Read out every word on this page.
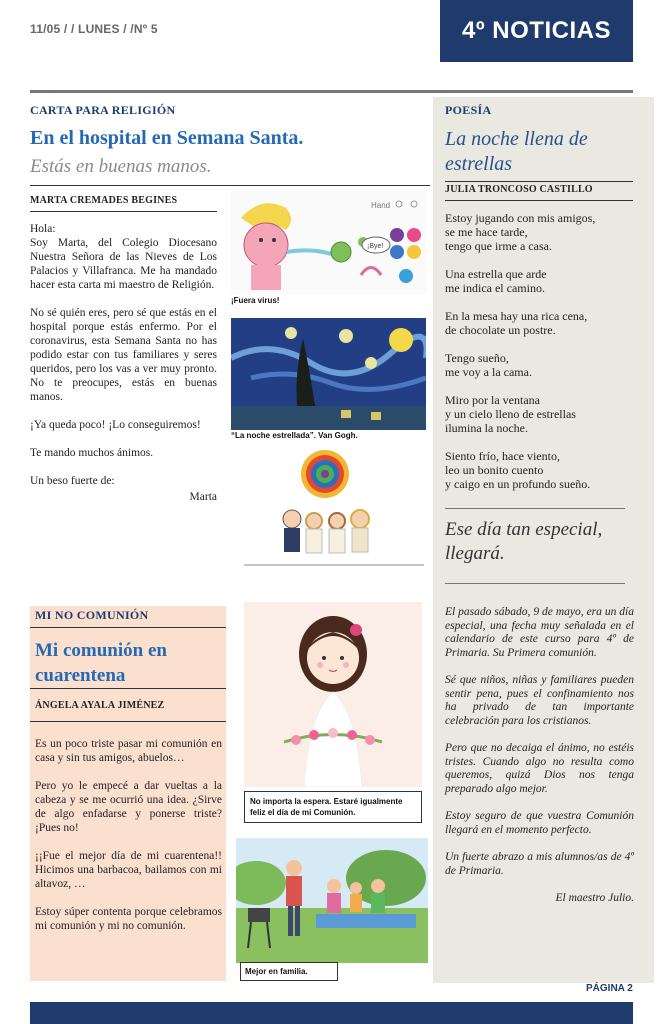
11/05 / / LUNES / /Nº 5	4º NOTICIAS
CARTA PARA RELIGIÓN
En el hospital en Semana Santa.
Estás en buenas manos.
MARTA CREMADES BEGINES

Hola:
Soy Marta, del Colegio Diocesano Nuestra Señora de las Nieves de Los Palacios y Villafranca. Me ha mandado hacer esta carta mi maestro de Religión.

No sé quién eres, pero sé que estás en el hospital porque estás enfermo. Por el coronavirus, esta Semana Santa no has podido estar con tus familiares y seres queridos, pero los vas a ver muy pronto. No te preocupes, estás en buenas manos.

¡Ya queda poco! ¡Lo conseguiremos!

Te mando muchos ánimos.

Un beso fuerte de:

Marta
¡Bye!
Hand
¡Fuera virus!
“La noche estrellada”. Van Gogh.
POESÍA
La noche llena de estrellas
JULIA TRONCOSO CASTILLO

Estoy jugando con mis amigos,
se me hace tarde,
tengo que irme a casa.

Una estrella que arde
me indica el camino.

En la mesa hay una rica cena,
de chocolate un postre.

Tengo sueño,
me voy a la cama.

Miro por la ventana
y un cielo lleno de estrellas
ilumina la noche.

Siento frío, hace viento,
leo un bonito cuento
y caigo en un profundo sueño.

Ese día tan especial, llegará.

El pasado sábado, 9 de mayo, era un día especial, una fecha muy señalada en el calendario de este curso para 4º de Primaria. Su Primera comunión.

Sé que niños, niñas y familiares pueden sentir pena, pues el confinamiento nos ha privado de tan importante celebración para los cristianos.

Pero que no decaiga el ánimo, no estéis tristes. Cuando algo no resulta como queremos, quizá Dios nos tenga preparado algo mejor.

Estoy seguro de que vuestra Comunión llegará en el momento perfecto.

Un fuerte abrazo a mis alumnos/as de 4º de Primaria.

El maestro Julio.
MI NO COMUNIÓN
Mi comunión en cuarentena
ÁNGELA AYALA JIMÉNEZ

Es un poco triste pasar mi comunión en casa y sin tus amigos, abuelos…

Pero yo le empecé a dar vueltas a la cabeza y se me ocurrió una idea. ¿Sirve de algo enfadarse y ponerse triste? ¡Pues no!

¡¡Fue el mejor día de mi cuarentena!! Hicimos una barbacoa, bailamos con mi altavoz, …

Estoy súper contenta porque celebramos mi comunión y mi no comunión.

No importa la espera. Estaré igualmente feliz el día de mi Comunión.
Mejor en familia.
PÁGINA 2
